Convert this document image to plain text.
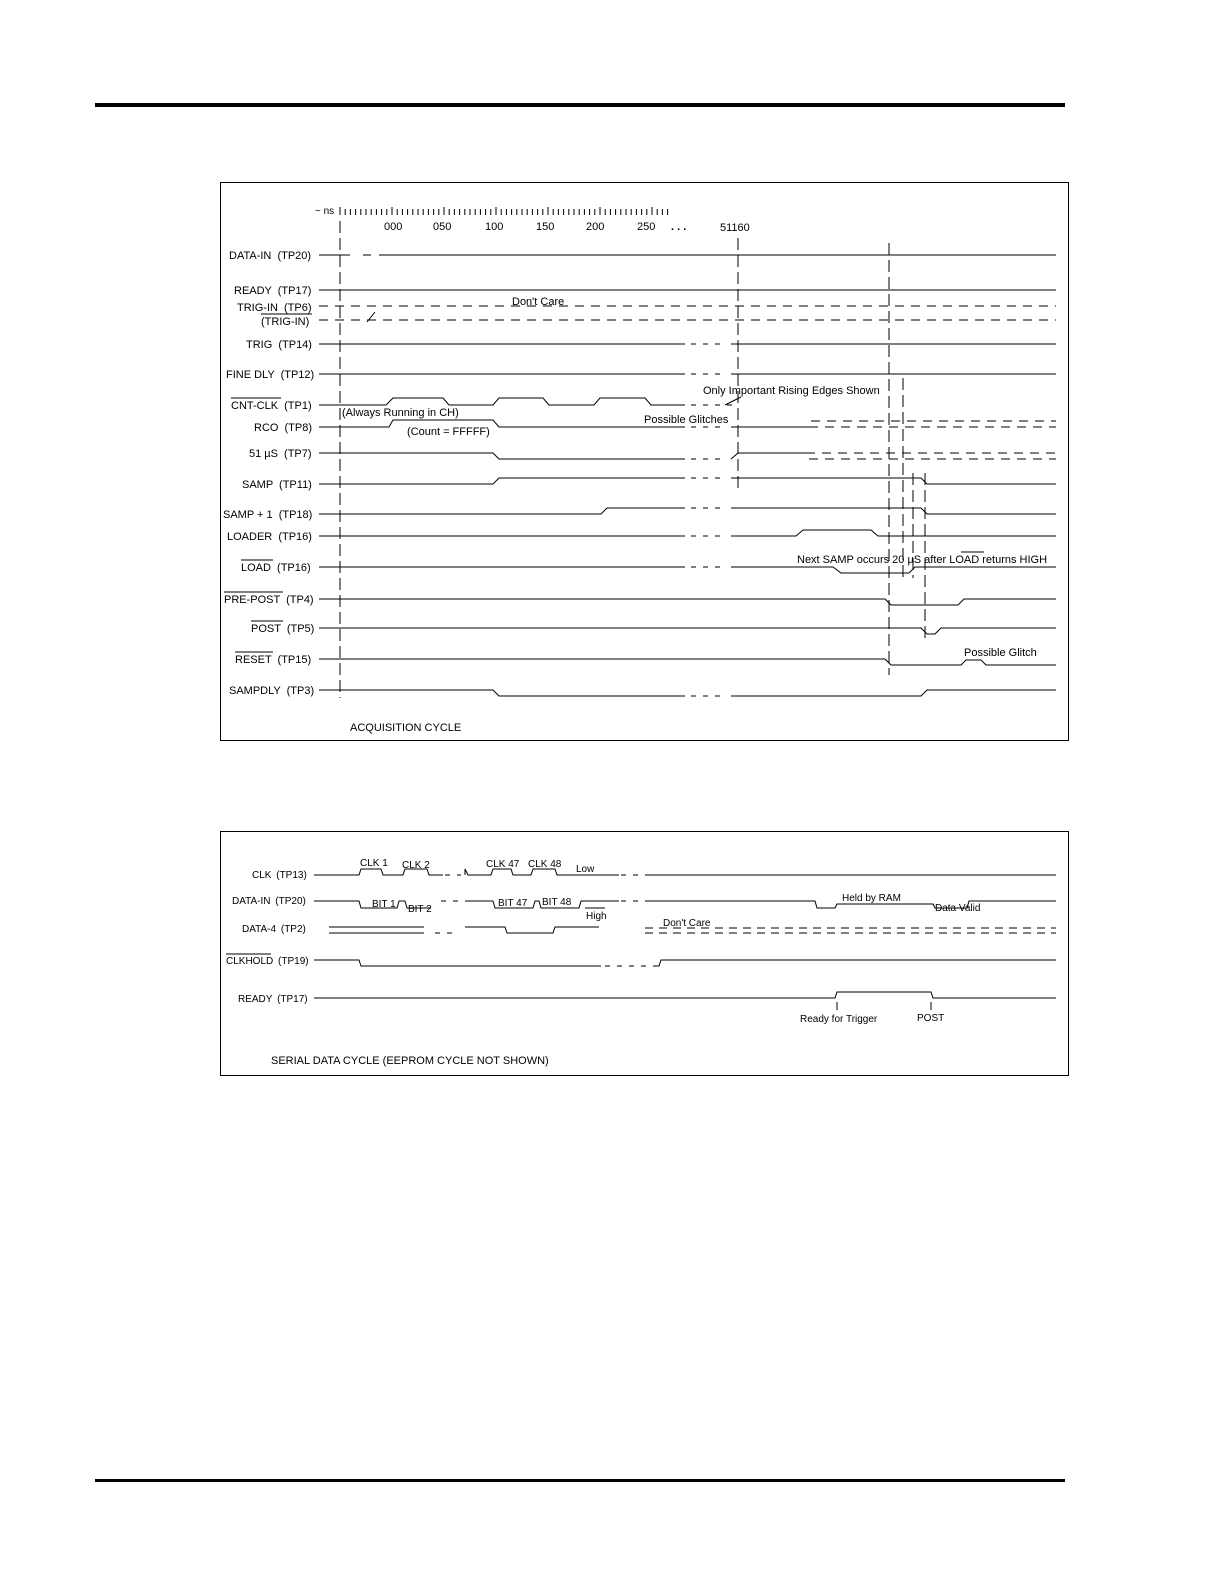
~ ns
000	050	100	150	200	250 . . .	51160
DATA-IN (TP20)
READY (TP17)
TRIG-IN (TP6)
(TRIG-IN)
TRIG (TP14)
FINE DLY (TP12)
CNT-CLK (TP1)
RCO (TP8)
51 µS (TP7)
SAMP (TP11)
SAMP + 1 (TP18)
LOADER (TP16)
LOAD (TP16)
PRE-POST (TP4)
POST (TP5)
RESET (TP15)
SAMPDLY (TP3)
Don't Care
Only Important Rising Edges Shown
(Always Running in CH)
Possible Glitches
(Count = FFFFF)
Next SAMP occurs 20 µS after LOAD returns HIGH
Possible Glitch
ACQUISITION CYCLE
CLK (TP13)
DATA-IN (TP20)
DATA-4 (TP2)
CLKHOLD (TP19)
READY (TP17)
CLK 1 CLK 2	CLK 47 CLK 48 Low
BIT 1 BIT 2
BIT 47 BIT 48
High
Held by RAM
Data Valid
Don't Care
Ready for Trigger	POST
SERIAL DATA CYCLE (EEPROM CYCLE NOT SHOWN)
